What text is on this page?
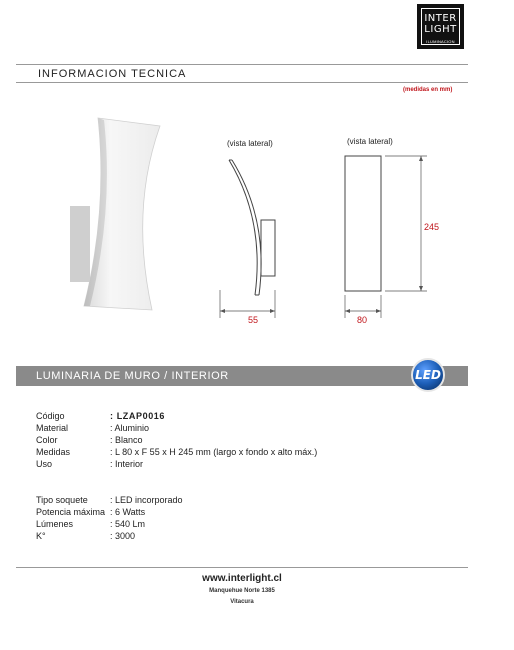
INTER
LIGHT
ILUMINACION
INFORMACION TECNICA
(medidas en mm)
(vista lateral)
55
(vista lateral)
245
80
LUMINARIA DE MURO / INTERIOR	LED
Código	: LZAP0016
Material	: Aluminio
Color	: Blanco
Medidas	: L 80 x F 55 x H 245 mm (largo x fondo x alto máx.)
Uso	: Interior
Tipo soquete : LED incorporado
Potencia máxima : 6 Watts
Lúmenes	: 540 Lm
K°	: 3000
www.interlight.cl
Manquehue Norte 1385
Vitacura
